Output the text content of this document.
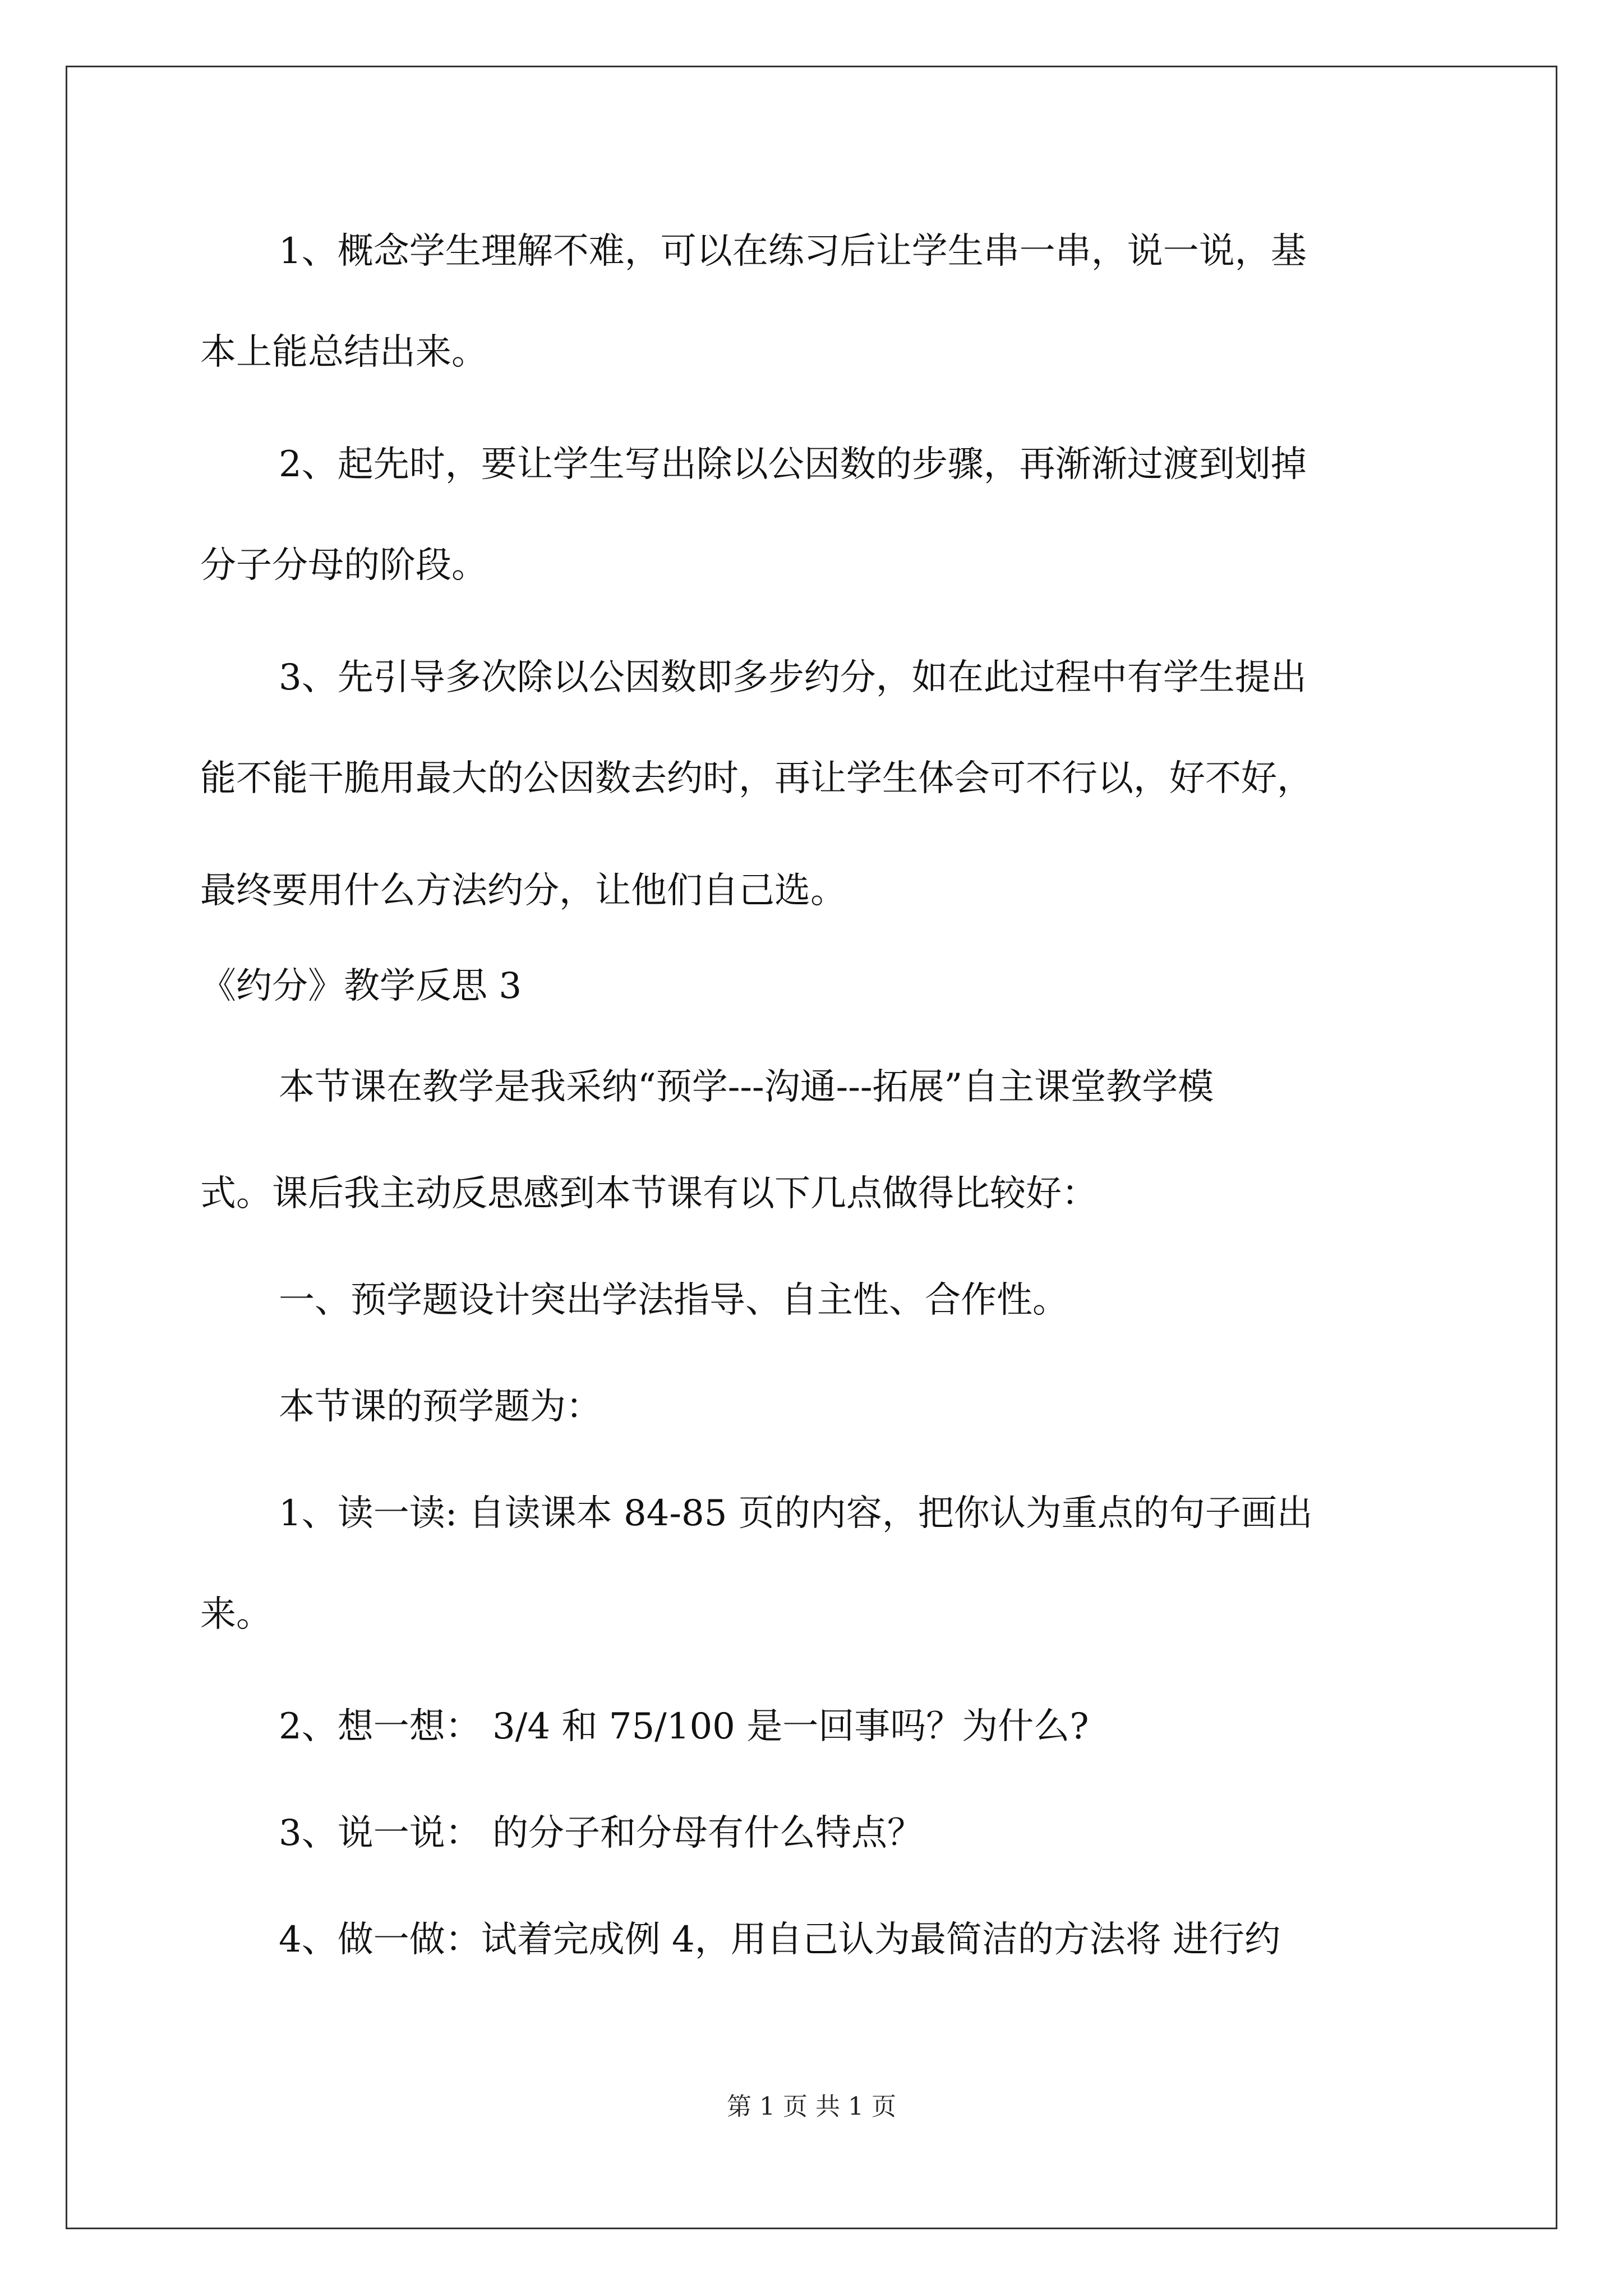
1、概念学生理解不难，可以在练习后让学生串一串，说一说，基
本上能总结出来。
2、起先时，要让学生写出除以公因数的步骤，再渐渐过渡到划掉
分子分母的阶段。
3、先引导多次除以公因数即多步约分，如在此过程中有学生提出
能不能干脆用最大的公因数去约时，再让学生体会可不行以，好不好，
最终要用什么方法约分，让他们自己选。
《约分》教学反思 3
本节课在教学是我采纳“预学---沟通---拓展”自主课堂教学模
式。课后我主动反思感到本节课有以下几点做得比较好：
一、预学题设计突出学法指导、自主性、合作性。
本节课的预学题为：
1、读一读: 自读课本 84-85 页的内容，把你认为重点的句子画出
来。
2、想一想： 3/4 和 75/100 是一回事吗？为什么?
3、说一说： 的分子和分母有什么特点？
4、做一做：试着完成例 4，用自己认为最简洁的方法将 进行约
第 1 页 共 1 页
